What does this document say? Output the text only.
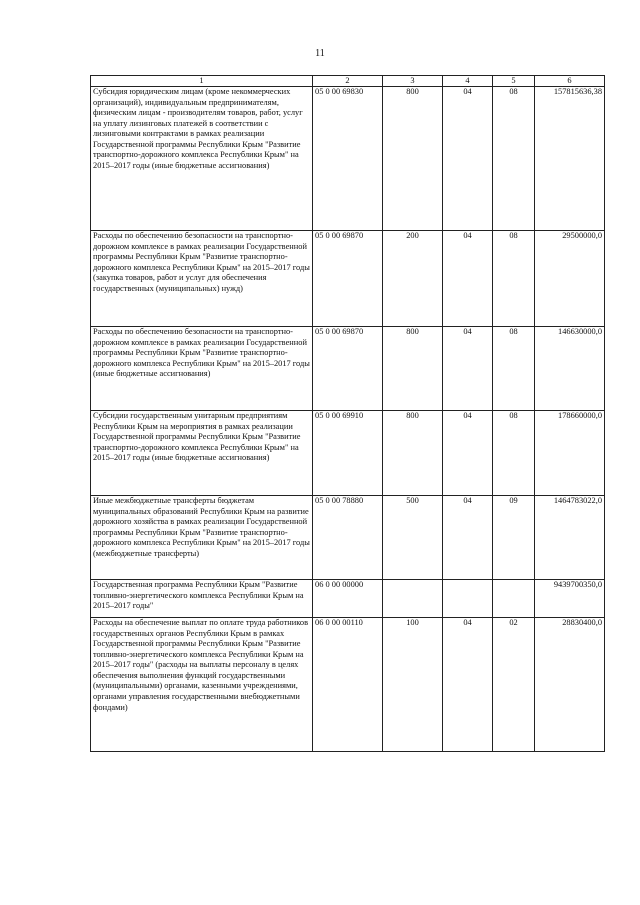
11
1	2	3	4	5	6
Субсидия юридическим лицам (кроме некоммерческих организаций), индивидуальным предпринимателям, физическим лицам - производителям товаров, работ, услуг на уплату лизинговых платежей в соответствии с лизинговыми контрактами в рамках реализации Государственной программы Республики Крым "Развитие транспортно-дорожного комплекса Республики Крым" на 2015–2017 годы (иные бюджетные ассигнования)	05 0 00 69830	800	04	08	157815636,38
Расходы по обеспечению безопасности на транспортно-дорожном комплексе в рамках реализации Государственной программы Республики Крым "Развитие транспортно-дорожного комплекса Республики Крым" на 2015–2017 годы (закупка товаров, работ и услуг для обеспечения государственных (муниципальных) нужд)	05 0 00 69870	200	04	08	29500000,0
Расходы по обеспечению безопасности на транспортно-дорожном комплексе в рамках реализации Государственной программы Республики Крым "Развитие транспортно-дорожного комплекса Республики Крым" на 2015–2017 годы (иные бюджетные ассигнования)	05 0 00 69870	800	04	08	146630000,0
Субсидии государственным унитарным предприятиям Республики Крым на мероприятия в рамках реализации Государственной программы Республики Крым "Развитие транспортно-дорожного комплекса Республики Крым" на 2015–2017 годы (иные бюджетные ассигнования)	05 0 00 69910	800	04	08	178660000,0
Иные межбюджетные трансферты бюджетам муниципальных образований Республики Крым на развитие дорожного хозяйства в рамках реализации Государственной программы Республики Крым "Развитие транспортно-дорожного комплекса Республики Крым" на 2015–2017 годы (межбюджетные трансферты)	05 0 00 78880	500	04	09	1464783022,0
Государственная программа Республики Крым "Развитие топливно-энергетического комплекса Республики Крым на 2015–2017 годы"	06 0 00 00000				9439700350,0
Расходы на обеспечение выплат по оплате труда работников государственных органов Республики Крым в рамках Государственной программы Республики Крым "Развитие топливно-энергетического комплекса Республики Крым на 2015–2017 годы" (расходы на выплаты персоналу в целях обеспечения выполнения функций государственными (муниципальными) органами, казенными учреждениями, органами управления государственными внебюджетными фондами)	06 0 00 00110	100	04	02	28830400,0
